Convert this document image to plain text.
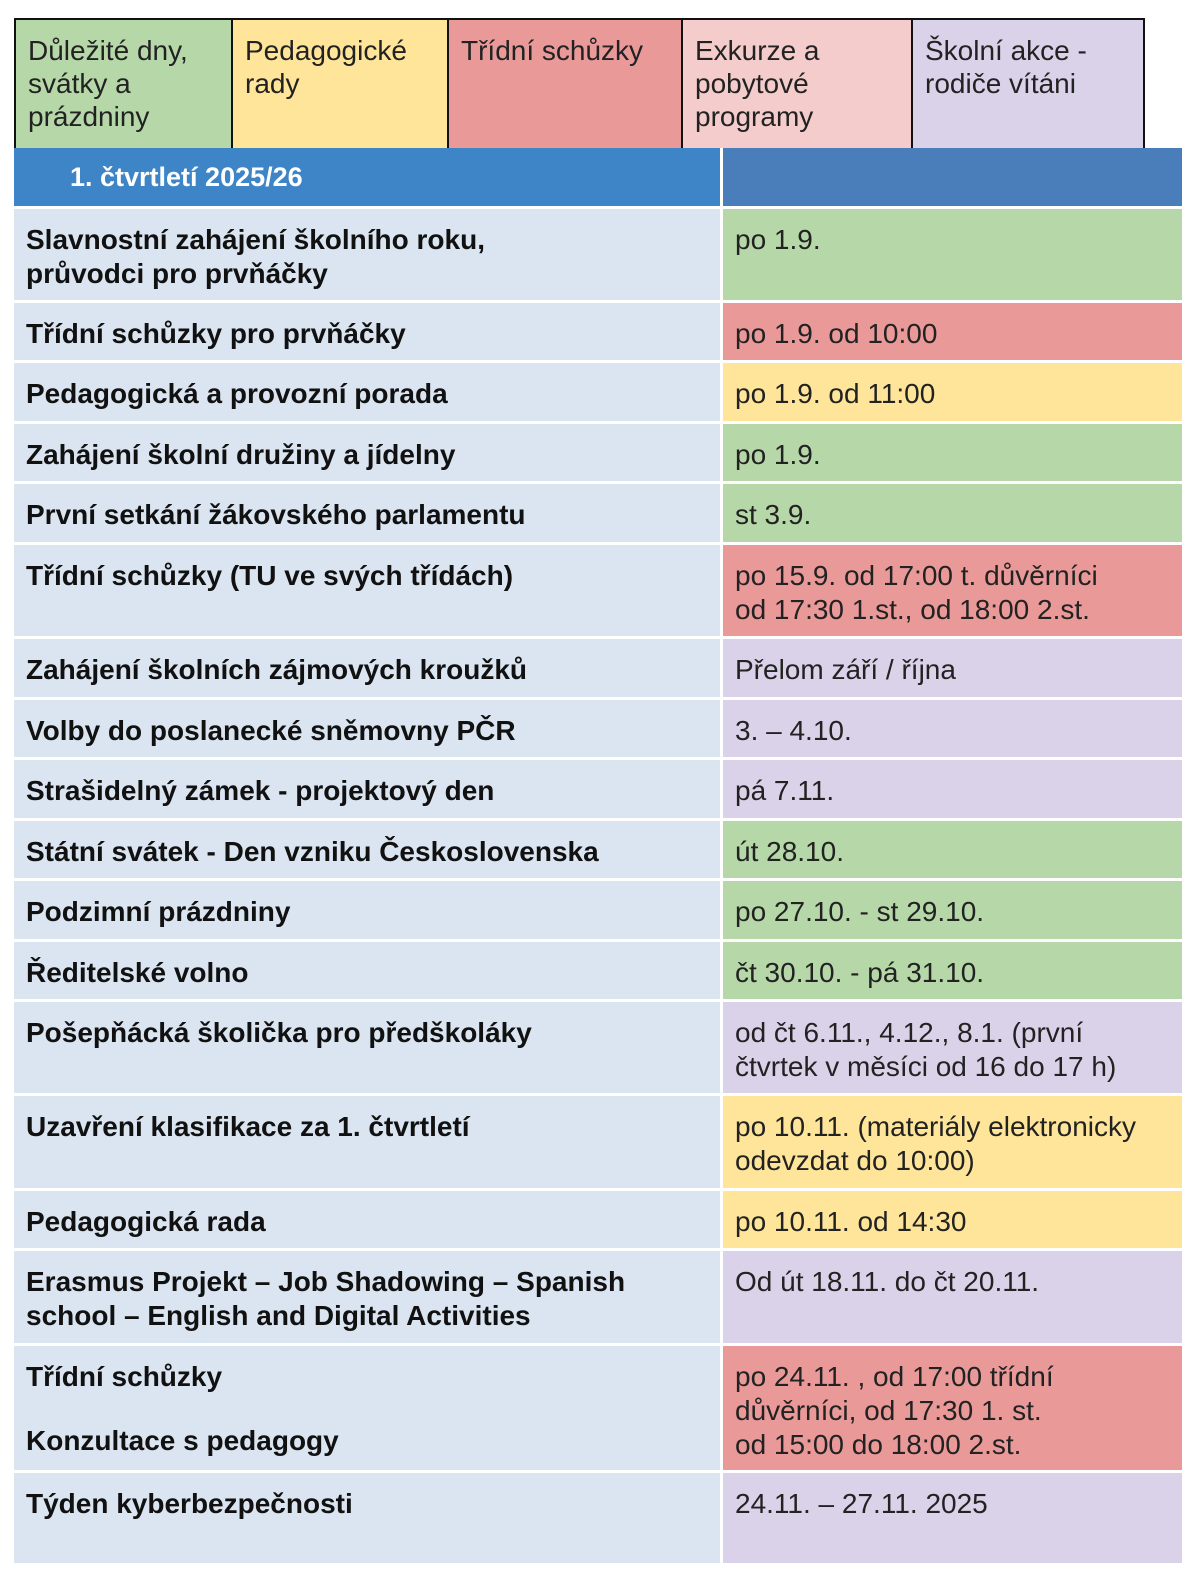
Důležité dny,
svátky a
prázdniny
Pedagogické
rady
Třídní schůzky	Exkurze a
pobytové
programy
Školní akce -
rodiče vítáni
1. čtvrtletí 2025/26	
Slavnostní zahájení školního roku,
průvodci pro prvňáčky	po 1.9.
Třídní schůzky pro prvňáčky	po 1.9. od 10:00
Pedagogická a provozní porada	po 1.9. od 11:00
Zahájení školní družiny a jídelny	po 1.9.
První setkání žákovského parlamentu	st 3.9.
Třídní schůzky (TU ve svých třídách)	po 15.9. od 17:00 t. důvěrníci
od 17:30 1.st., od 18:00 2.st.
Zahájení školních zájmových kroužků	Přelom září / října
Volby do poslanecké sněmovny PČR	3. – 4.10.
Strašidelný zámek - projektový den	pá 7.11.
Státní svátek - Den vzniku Československa	út 28.10.
Podzimní prázdniny	po 27.10. - st 29.10.
Ředitelské volno	čt 30.10. - pá 31.10.
Pošepňácká školička pro předškoláky	od čt 6.11., 4.12., 8.1. (první
čtvrtek v měsíci od 16 do 17 h)
Uzavření klasifikace za 1. čtvrtletí	po 10.11. (materiály elektronicky
odevzdat do 10:00)
Pedagogická rada	po 10.11. od 14:30
Erasmus Projekt – Job Shadowing – Spanish
school – English and Digital Activities	Od út 18.11. do čt 20.11.
Třídní schůzky
Konzultace s pedagogy	po 24.11. , od 17:00 třídní
důvěrníci, od 17:30 1. st.
od 15:00 do 18:00 2.st.
Týden kyberbezpečnosti	24.11. – 27.11. 2025
